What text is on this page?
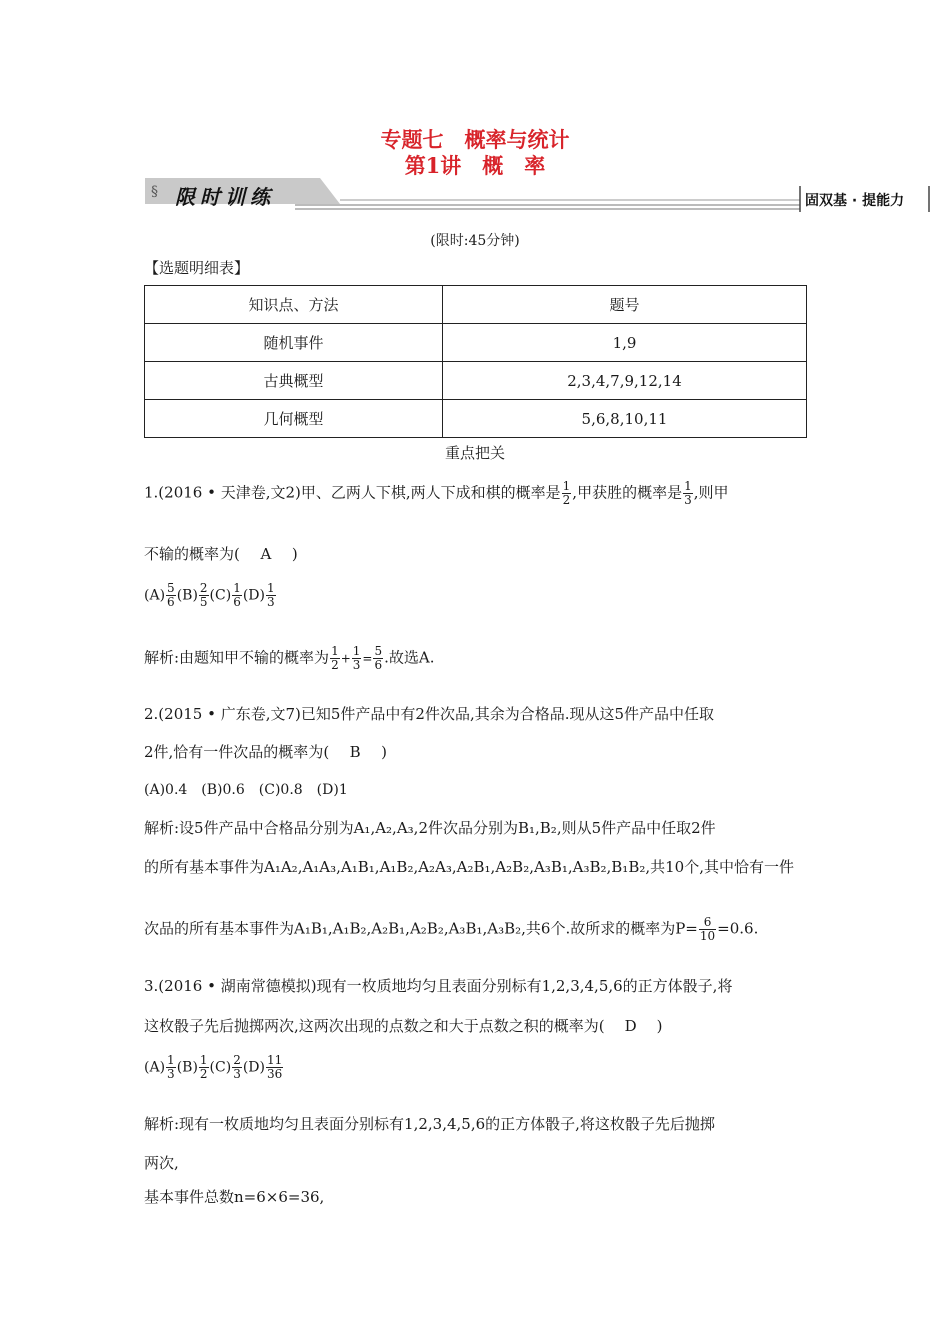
专题七　概率与统计
第1讲　概　率
§ 限时训练	固双基 · 提能力
(限时:45分钟)
【选题明细表】
知识点、方法	题号
随机事件	1,9
古典概型	2,3,4,7,9,12,14
几何概型	5,6,8,10,11
重点把关
1.(2016 • 天津卷,文2)甲、乙两人下棋,两人下成和棋的概率是 $\frac{1}{2}$ ,甲获胜的概率是 $\frac{1}{3}$ ,则甲
不输的概率为( A )
$(A) \frac{5}{6} (B) \frac{2}{5} (C) \frac{1}{6} (D) \frac{1}{3}$
解析:由题知甲不输的概率为 $\frac{1}{2} + \frac{1}{3} = \frac{5}{6}$ .故选A.
2.(2015 • 广东卷,文7)已知5件产品中有2件次品,其余为合格品.现从这5件产品中任取
2件,恰有一件次品的概率为( B )
(A)0.4　(B)0.6　(C)0.8　(D)1
解析:设5件产品中合格品分别为A₁,A₂,A₃,2件次品分别为B₁,B₂,则从5件产品中任取2件
的所有基本事件为A₁A₂,A₁A₃,A₁B₁,A₁B₂,A₂A₃,A₂B₁,A₂B₂,A₃B₁,A₃B₂,B₁B₂,共10个,其中恰有一件
次品的所有基本事件为A₁B₁,A₁B₂,A₂B₁,A₂B₂,A₃B₁,A₃B₂,共6个.故所求的概率为$P= \frac{6}{10} =0.6$.
3.(2016 • 湖南常德模拟)现有一枚质地均匀且表面分别标有1,2,3,4,5,6的正方体骰子,将
这枚骰子先后抛掷两次,这两次出现的点数之和大于点数之积的概率为( D )
$(A) \frac{1}{3} (B) \frac{1}{2} (C) \frac{2}{3} (D) \frac{11}{36}$
解析:现有一枚质地均匀且表面分别标有1,2,3,4,5,6的正方体骰子,将这枚骰子先后抛掷
两次,
基本事件总数n=6×6=36,
